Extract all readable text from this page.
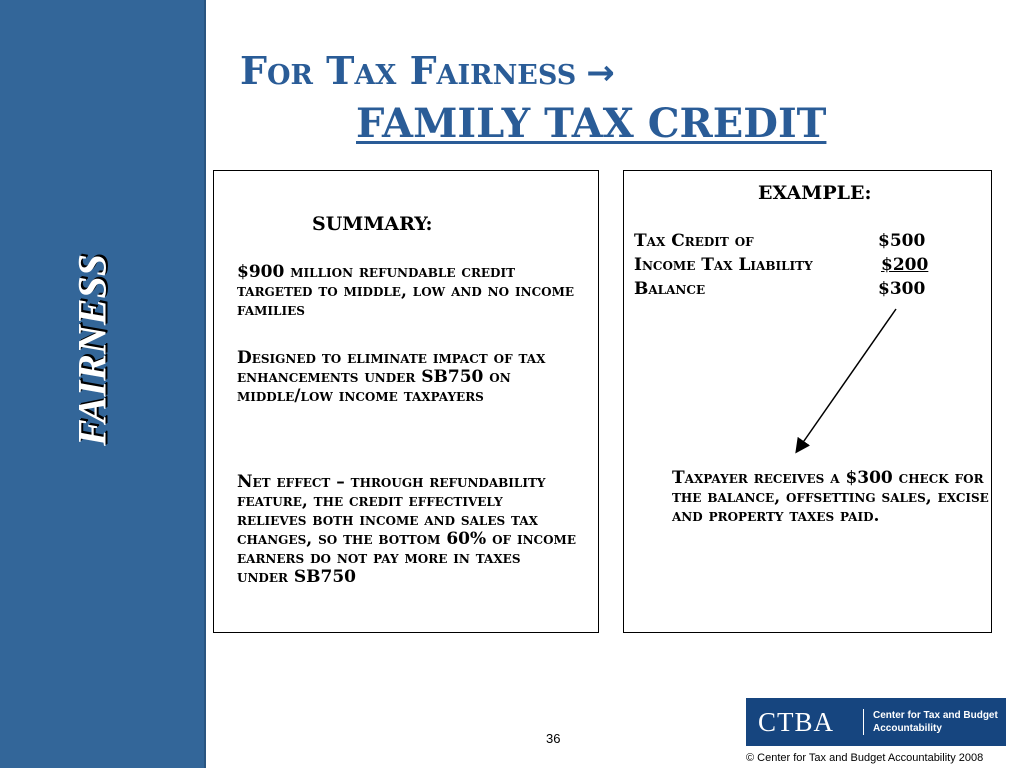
FAIRNESS
For Tax Fairness →
FAMILY TAX CREDIT
SUMMARY:
$900 million refundable credit targeted to middle, low and no income families
Designed to eliminate impact of tax enhancements under SB750 on middle/low income taxpayers
Net effect – through refundability feature, the credit effectively relieves both income and sales tax changes, so the bottom 60% of income earners do not pay more in taxes under SB750
EXAMPLE:
Tax Credit of	$500
Income Tax Liability	$200
Balance	$300
Taxpayer receives a $300 check for the balance, offsetting sales, excise and property taxes paid.
36
CTBA	Center for Tax and Budget Accountability
© Center for Tax and Budget Accountability 2008
